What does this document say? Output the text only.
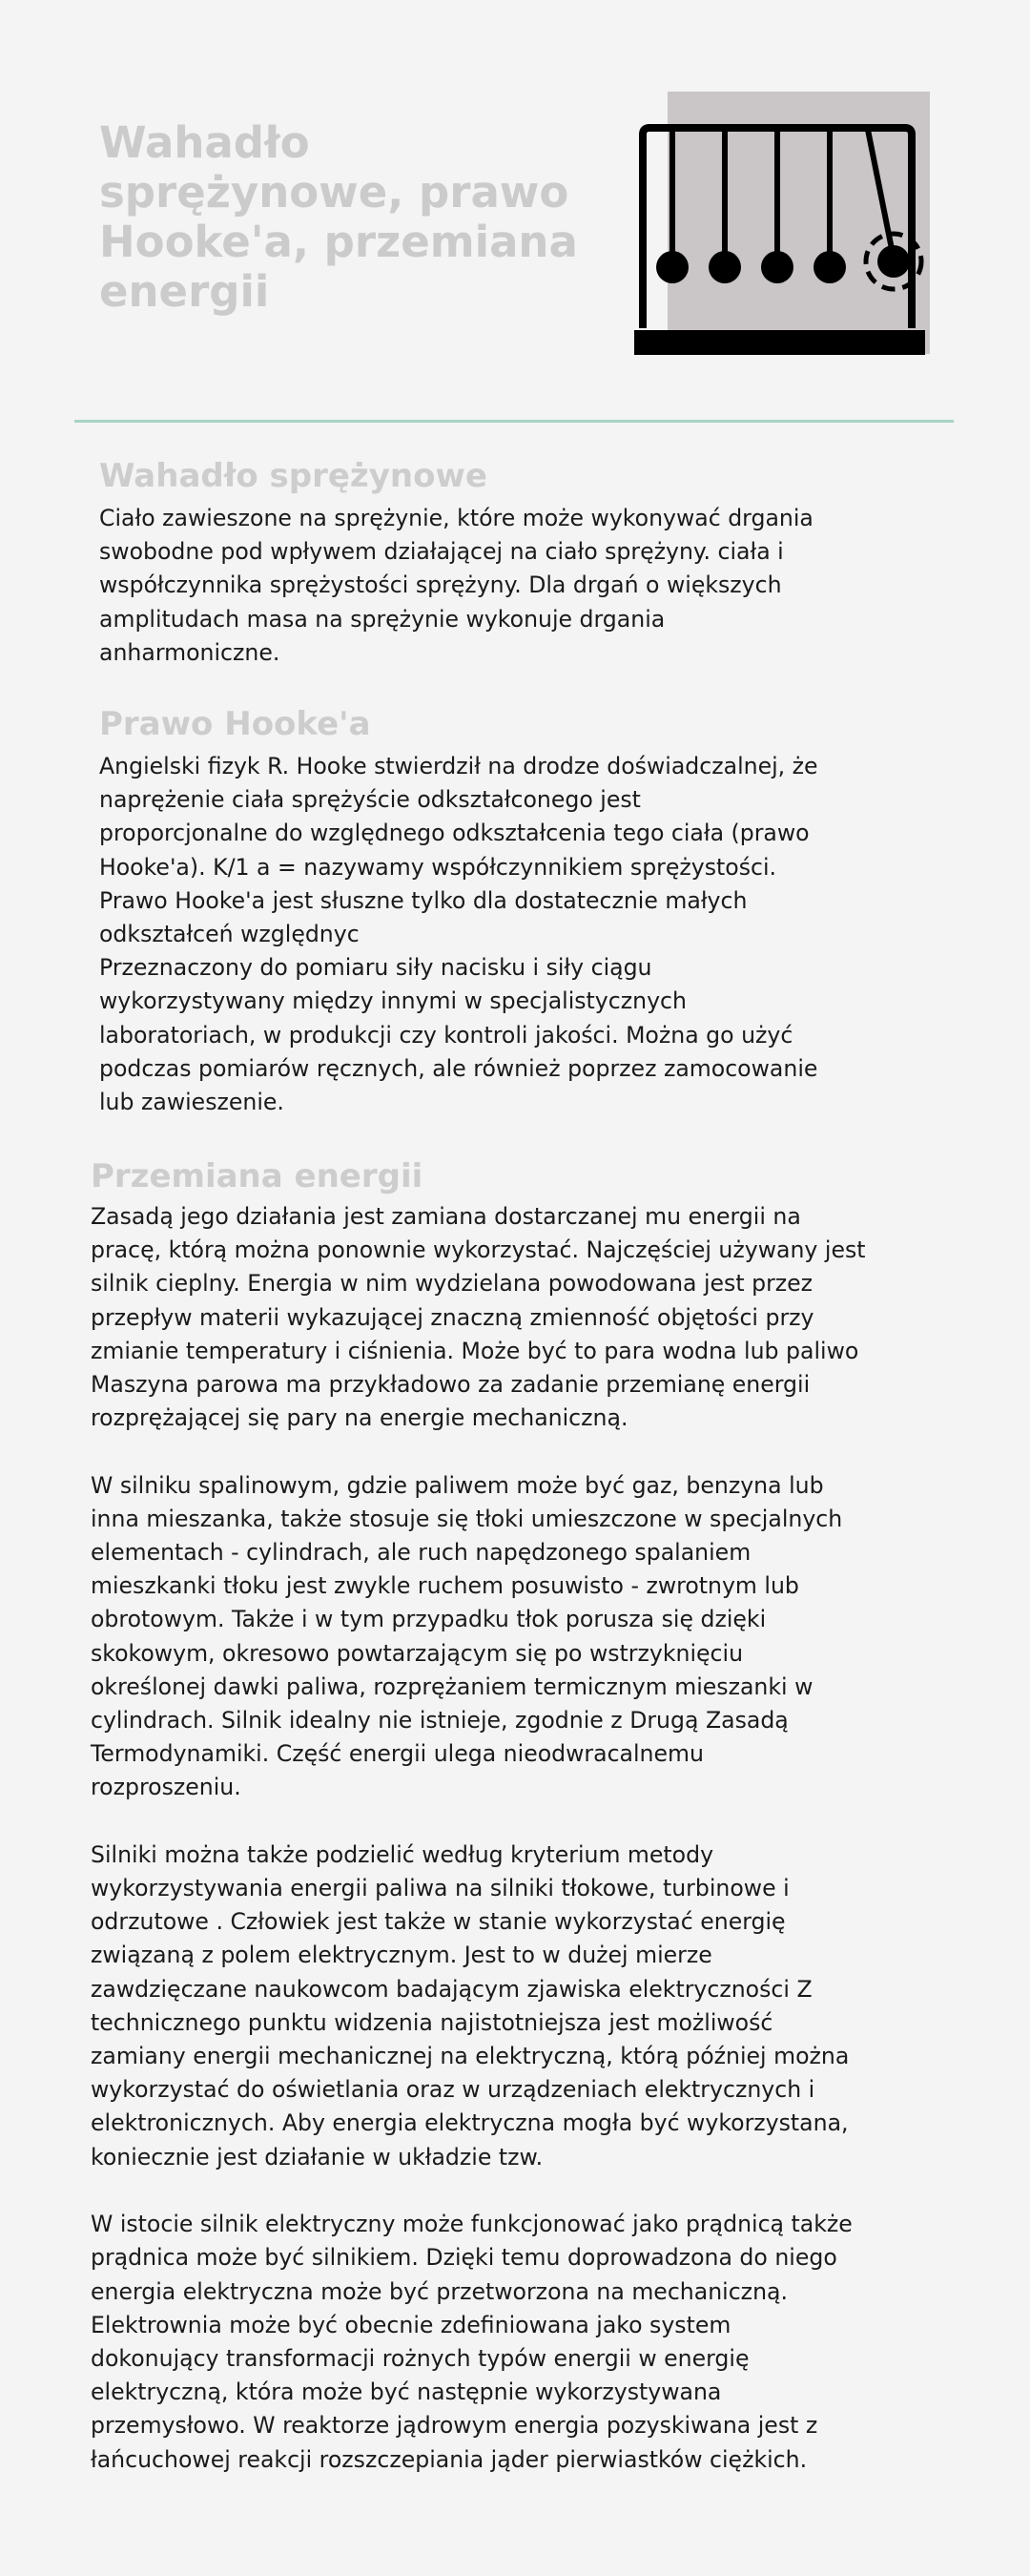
Wahadło sprężynowe, prawo Hooke'a, przemiana energii
Wahadło sprężynowe

Ciało zawieszone na sprężynie, które może wykonywać drgania
swobodne pod wpływem działającej na ciało sprężyny. ciała i
współczynnika sprężystości sprężyny. Dla drgań o większych
amplitudach masa na sprężynie wykonuje drgania
anharmoniczne.

Prawo Hooke'a

Angielski fizyk R. Hooke stwierdził na drodze doświadczalnej, że
naprężenie ciała sprężyście odkształconego jest
proporcjonalne do względnego odkształcenia tego ciała (prawo
Hooke'a). K/1 a = nazywamy współczynnikiem sprężystości.
Prawo Hooke'a jest słuszne tylko dla dostatecznie małych
odkształceń względnyc
Przeznaczony do pomiaru siły nacisku i siły ciągu
wykorzystywany między innymi w specjalistycznych
laboratoriach, w produkcji czy kontroli jakości. Można go użyć
podczas pomiarów ręcznych, ale również poprzez zamocowanie
lub zawieszenie.

Przemiana energii

Zasadą jego działania jest zamiana dostarczanej mu energii na
pracę, którą można ponownie wykorzystać. Najczęściej używany jest
silnik cieplny. Energia w nim wydzielana powodowana jest przez
przepływ materii wykazującej znaczną zmienność objętości przy
zmianie temperatury i ciśnienia. Może być to para wodna lub paliwo
Maszyna parowa ma przykładowo za zadanie przemianę energii
rozprężającej się pary na energie mechaniczną.

W silniku spalinowym, gdzie paliwem może być gaz, benzyna lub
inna mieszanka, także stosuje się tłoki umieszczone w specjalnych
elementach - cylindrach, ale ruch napędzonego spalaniem
mieszkanki tłoku jest zwykle ruchem posuwisto - zwrotnym lub
obrotowym. Także i w tym przypadku tłok porusza się dzięki
skokowym, okresowo powtarzającym się po wstrzyknięciu
określonej dawki paliwa, rozprężaniem termicznym mieszanki w
cylindrach. Silnik idealny nie istnieje, zgodnie z Drugą Zasadą
Termodynamiki. Część energii ulega nieodwracalnemu
rozproszeniu.

Silniki można także podzielić według kryterium metody
wykorzystywania energii paliwa na silniki tłokowe, turbinowe i
odrzutowe . Człowiek jest także w stanie wykorzystać energię
związaną z polem elektrycznym. Jest to w dużej mierze
zawdzięczane naukowcom badającym zjawiska elektryczności Z
technicznego punktu widzenia najistotniejsza jest możliwość
zamiany energii mechanicznej na elektryczną, którą później można
wykorzystać do oświetlania oraz w urządzeniach elektrycznych i
elektronicznych. Aby energia elektryczna mogła być wykorzystana,
koniecznie jest działanie w układzie tzw.

W istocie silnik elektryczny może funkcjonować jako prądnicą także
prądnica może być silnikiem. Dzięki temu doprowadzona do niego
energia elektryczna może być przetworzona na mechaniczną.
Elektrownia może być obecnie zdefiniowana jako system
dokonujący transformacji rożnych typów energii w energię
elektryczną, która może być następnie wykorzystywana
przemysłowo. W reaktorze jądrowym energia pozyskiwana jest z
łańcuchowej reakcji rozszczepiania jąder pierwiastków ciężkich.
